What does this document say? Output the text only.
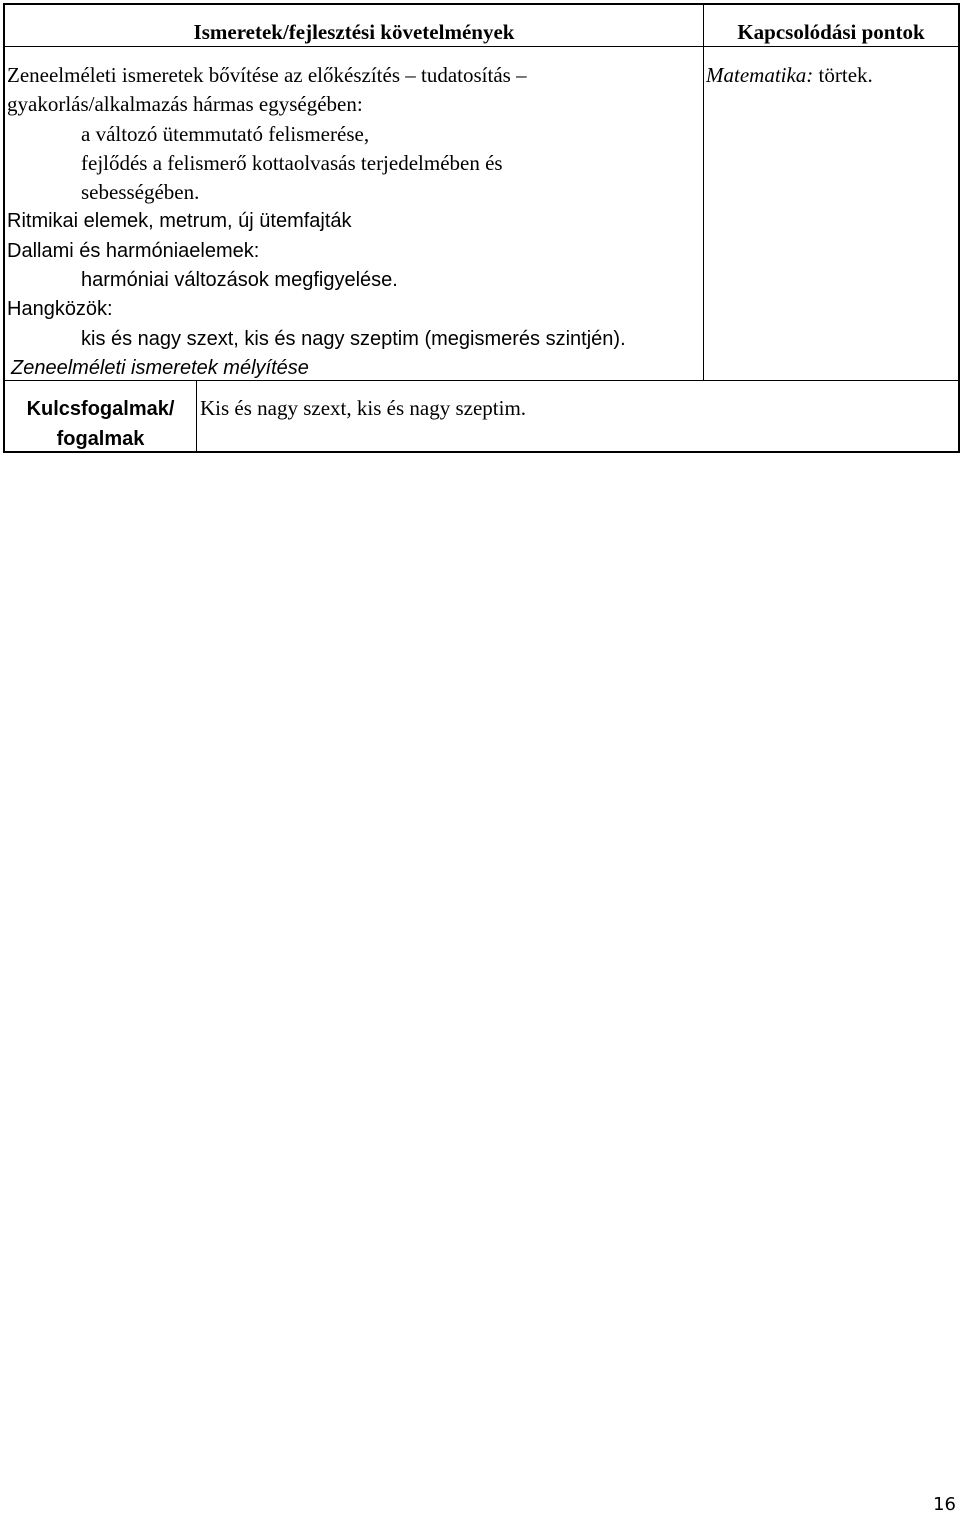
Ismeretek/fejlesztési követelmények	Kapcsolódási pontok
Zeneelméleti ismeretek bővítése az előkészítés – tudatosítás –
gyakorlás/alkalmazás hármas egységében:
a változó ütemmutató felismerése,
fejlődés a felismerő kottaolvasás terjedelmében és
sebességében.
Ritmikai elemek, metrum, új ütemfajták
Dallami és harmóniaelemek:
harmóniai változások megfigyelése.
Hangközök:
kis és nagy szext, kis és nagy szeptim (megismerés szintjén).
Zeneelméleti ismeretek mélyítése
Matematika: törtek.
Kulcsfogalmak/
fogalmak
Kis és nagy szext, kis és nagy szeptim.
16
